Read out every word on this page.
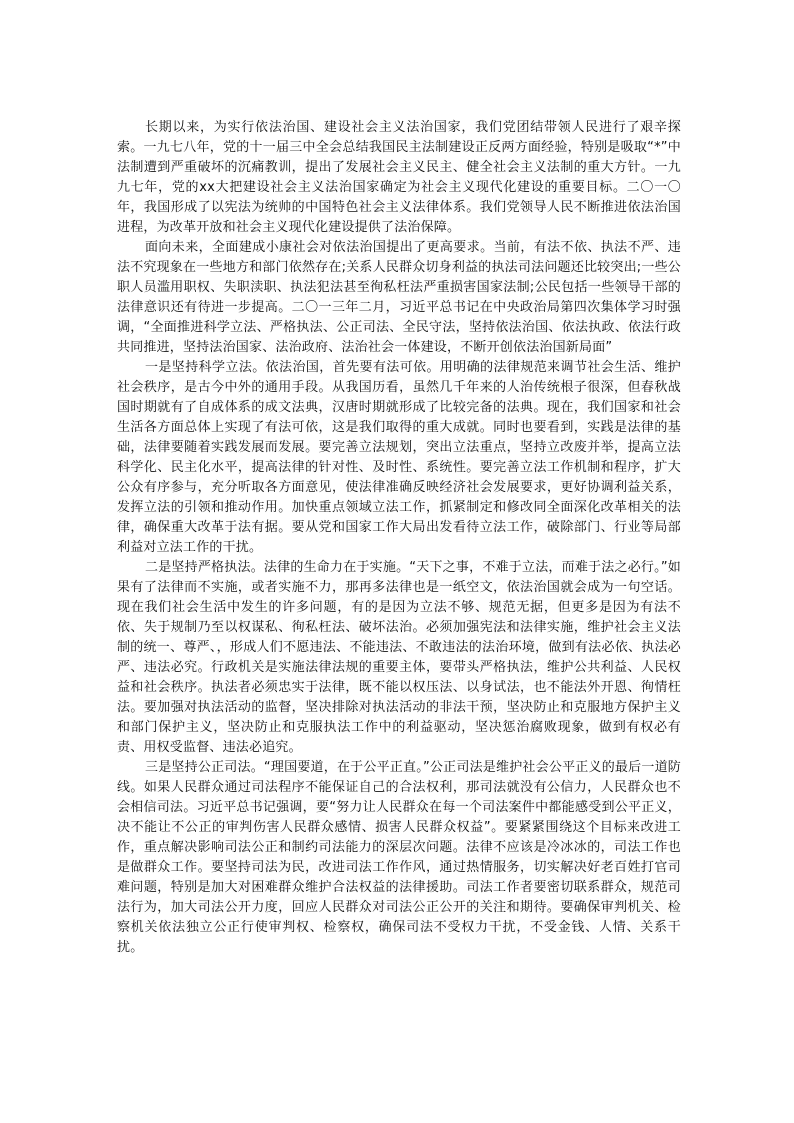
长期以来，为实行依法治国、建设社会主义法治国家，我们党团结带领人民进行了艰辛探索。一九七八年，党的十一届三中全会总结我国民主法制建设正反两方面经验，特别是吸取“*”中法制遭到严重破坏的沉痛教训，提出了发展社会主义民主、健全社会主义法制的重大方针。一九九七年，党的xx大把建设社会主义法治国家确定为社会主义现代化建设的重要目标。二〇一〇年，我国形成了以宪法为统帅的中国特色社会主义法律体系。我们党领导人民不断推进依法治国进程，为改革开放和社会主义现代化建设提供了法治保障。

面向未来，全面建成小康社会对依法治国提出了更高要求。当前，有法不依、执法不严、违法不究现象在一些地方和部门依然存在;关系人民群众切身利益的执法司法问题还比较突出;一些公职人员滥用职权、失职渎职、执法犯法甚至徇私枉法严重损害国家法制;公民包括一些领导干部的法律意识还有待进一步提高。二〇一三年二月，习近平总书记在中央政治局第四次集体学习时强调，“全面推进科学立法、严格执法、公正司法、全民守法，坚持依法治国、依法执政、依法行政共同推进，坚持法治国家、法治政府、法治社会一体建设，不断开创依法治国新局面”

一是坚持科学立法。依法治国，首先要有法可依。用明确的法律规范来调节社会生活、维护社会秩序，是古今中外的通用手段。从我国历看，虽然几千年来的人治传统根子很深，但春秋战国时期就有了自成体系的成文法典，汉唐时期就形成了比较完备的法典。现在，我们国家和社会生活各方面总体上实现了有法可依，这是我们取得的重大成就。同时也要看到，实践是法律的基础，法律要随着实践发展而发展。要完善立法规划，突出立法重点，坚持立改废并举，提高立法科学化、民主化水平，提高法律的针对性、及时性、系统性。要完善立法工作机制和程序，扩大公众有序参与，充分听取各方面意见，使法律准确反映经济社会发展要求，更好协调利益关系，发挥立法的引领和推动作用。加快重点领域立法工作，抓紧制定和修改同全面深化改革相关的法律，确保重大改革于法有据。要从党和国家工作大局出发看待立法工作，破除部门、行业等局部利益对立法工作的干扰。

二是坚持严格执法。法律的生命力在于实施。“天下之事，不难于立法，而难于法之必行。”如果有了法律而不实施，或者实施不力，那再多法律也是一纸空文，依法治国就会成为一句空话。现在我们社会生活中发生的许多问题，有的是因为立法不够、规范无据，但更多是因为有法不依、失于规制乃至以权谋私、徇私枉法、破坏法治。必须加强宪法和法律实施，维护社会主义法制的统一、尊严、，形成人们不愿违法、不能违法、不敢违法的法治环境，做到有法必依、执法必严、违法必究。行政机关是实施法律法规的重要主体，要带头严格执法，维护公共利益、人民权益和社会秩序。执法者必须忠实于法律，既不能以权压法、以身试法，也不能法外开恩、徇情枉法。要加强对执法活动的监督，坚决排除对执法活动的非法干预，坚决防止和克服地方保护主义和部门保护主义，坚决防止和克服执法工作中的利益驱动，坚决惩治腐败现象，做到有权必有责、用权受监督、违法必追究。

三是坚持公正司法。“理国要道，在于公平正直。”公正司法是维护社会公平正义的最后一道防线。如果人民群众通过司法程序不能保证自己的合法权利，那司法就没有公信力，人民群众也不会相信司法。习近平总书记强调，要“努力让人民群众在每一个司法案件中都能感受到公平正义，决不能让不公正的审判伤害人民群众感情、损害人民群众权益”。要紧紧围绕这个目标来改进工作，重点解决影响司法公正和制约司法能力的深层次问题。法律不应该是冷冰冰的，司法工作也是做群众工作。要坚持司法为民，改进司法工作作风，通过热情服务，切实解决好老百姓打官司难问题，特别是加大对困难群众维护合法权益的法律援助。司法工作者要密切联系群众，规范司法行为，加大司法公开力度，回应人民群众对司法公正公开的关注和期待。要确保审判机关、检察机关依法独立公正行使审判权、检察权，确保司法不受权力干扰，不受金钱、人情、关系干扰。
